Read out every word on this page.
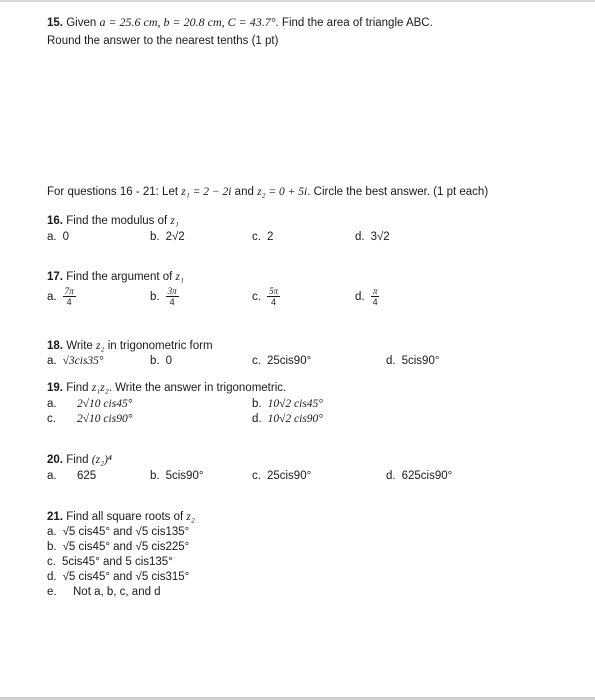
15. Given a = 25.6 cm, b = 20.8 cm, C = 43.7°. Find the area of triangle ABC.
Round the answer to the nearest tenths (1 pt)
For questions 16 - 21: Let z₁ = 2 − 2i and z₂ = 0 + 5i. Circle the best answer. (1 pt each)
16. Find the modulus of z₁
a. 0	b. 2√2	c. 2	d. 3√2
17. Find the argument of z₁
a. $\frac{7\pi}{4}$	b. $\frac{3\pi}{4}$	c. $\frac{5\pi}{4}$	d. $\frac{\pi}{4}$
18. Write z₂ in trigonometric form
a. √3cis35°	b. 0	c. 25cis90°	d. 5cis90°
19. Find z₁z₂. Write the answer in trigonometric.
a. 2√10 cis45°	b. 10√2 cis45°
c. 2√10 cis90°	d. 10√2 cis90°
20. Find (z₂)⁴
a. 625	b. 5cis90°	c. 25cis90°	d. 625cis90°
21. Find all square roots of z₂
a. √5 cis45° and √5 cis135°
b. √5 cis45° and √5 cis225°
c. 5cis45° and 5 cis135°
d. √5 cis45° and √5 cis315°
e. Not a, b, c, and d
